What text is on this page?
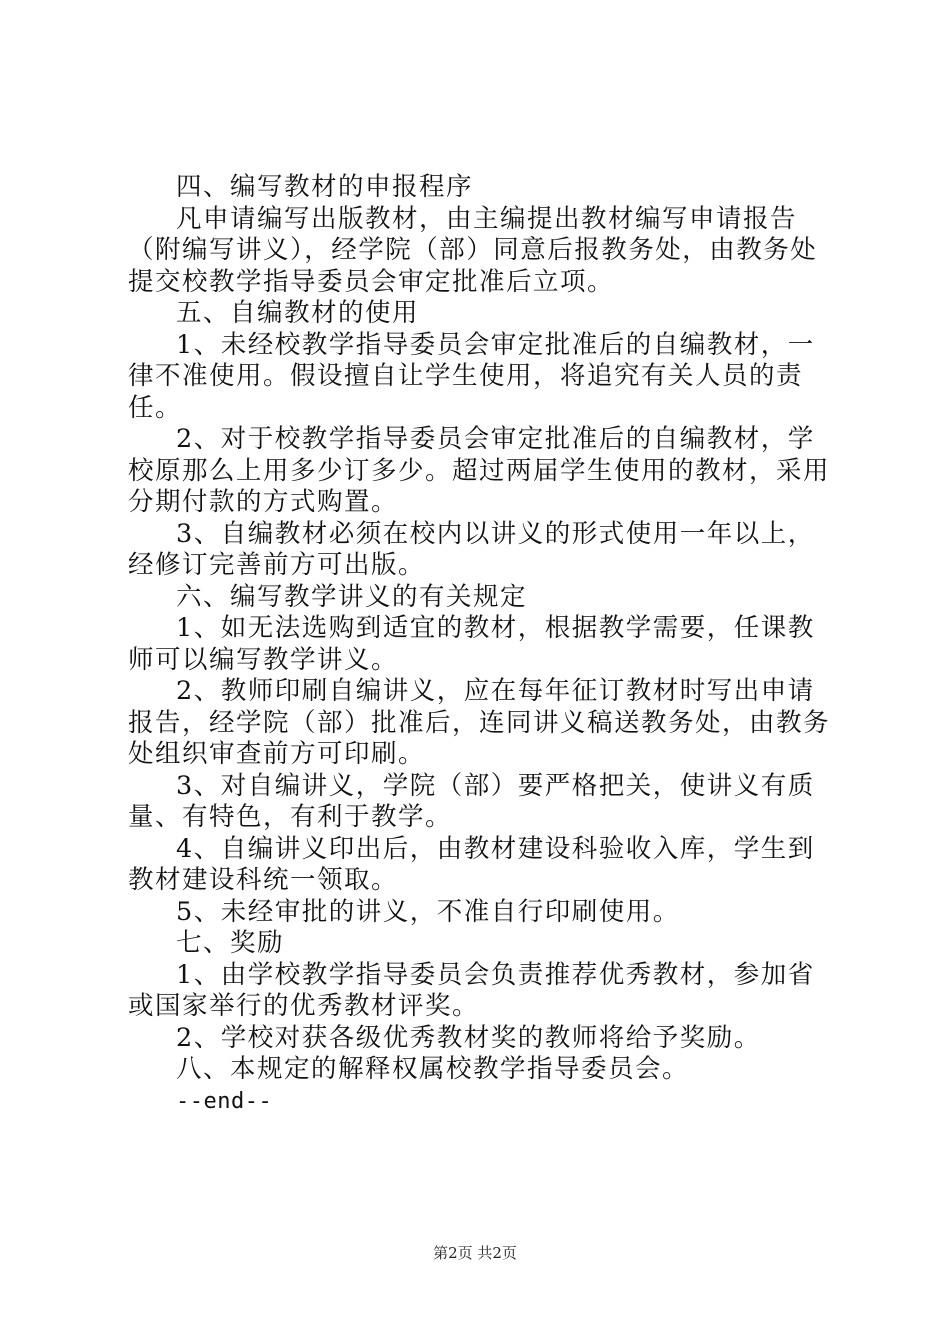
四、编写教材的申报程序

凡申请编写出版教材，由主编提出教材编写申请报告（附编写讲义），经学院（部）同意后报教务处，由教务处提交校教学指导委员会审定批准后立项。

五、自编教材的使用

1、未经校教学指导委员会审定批准后的自编教材，一律不准使用。假设擅自让学生使用，将追究有关人员的责任。

2、对于校教学指导委员会审定批准后的自编教材，学校原那么上用多少订多少。超过两届学生使用的教材，采用分期付款的方式购置。

3、自编教材必须在校内以讲义的形式使用一年以上，经修订完善前方可出版。

六、编写教学讲义的有关规定

1、如无法选购到适宜的教材，根据教学需要，任课教师可以编写教学讲义。

2、教师印刷自编讲义，应在每年征订教材时写出申请报告，经学院（部）批准后，连同讲义稿送教务处，由教务处组织审查前方可印刷。

3、对自编讲义，学院（部）要严格把关，使讲义有质量、有特色，有利于教学。

4、自编讲义印出后，由教材建设科验收入库，学生到教材建设科统一领取。

5、未经审批的讲义，不准自行印刷使用。

七、奖励

1、由学校教学指导委员会负责推荐优秀教材，参加省或国家举行的优秀教材评奖。

2、学校对获各级优秀教材奖的教师将给予奖励。

八、本规定的解释权属校教学指导委员会。

--end--

第2页 共2页
